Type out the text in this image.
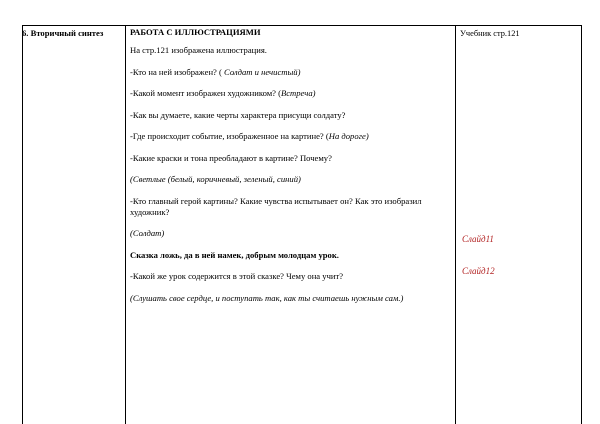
6. Вторичный синтез	РАБОТА С ИЛЛЮСТРАЦИЯМИ
На стр.121 изображена иллюстрация.
-Кто на ней изображен? ( Солдат и нечистый)
-Какой момент изображен художником? (Встреча)
-Как вы думаете, какие черты характера присущи солдату?
-Где происходит событие, изображенное на картине? (На дороге)
-Какие краски и тона преобладают в картине? Почему?
(Светлые (белый, коричневый, зеленый, синий)
-Кто главный герой картины? Какие чувства испытывает он? Как это изобразил художник?
(Солдат)
Сказка ложь, да в ней намек, добрым молодцам урок.
-Какой же урок содержится в этой сказке? Чему она учит?
(Слушать свое сердце, и поступать так, как ты считаешь нужным сам.)
Учебник стр.121
Слайд11
Слайд12
